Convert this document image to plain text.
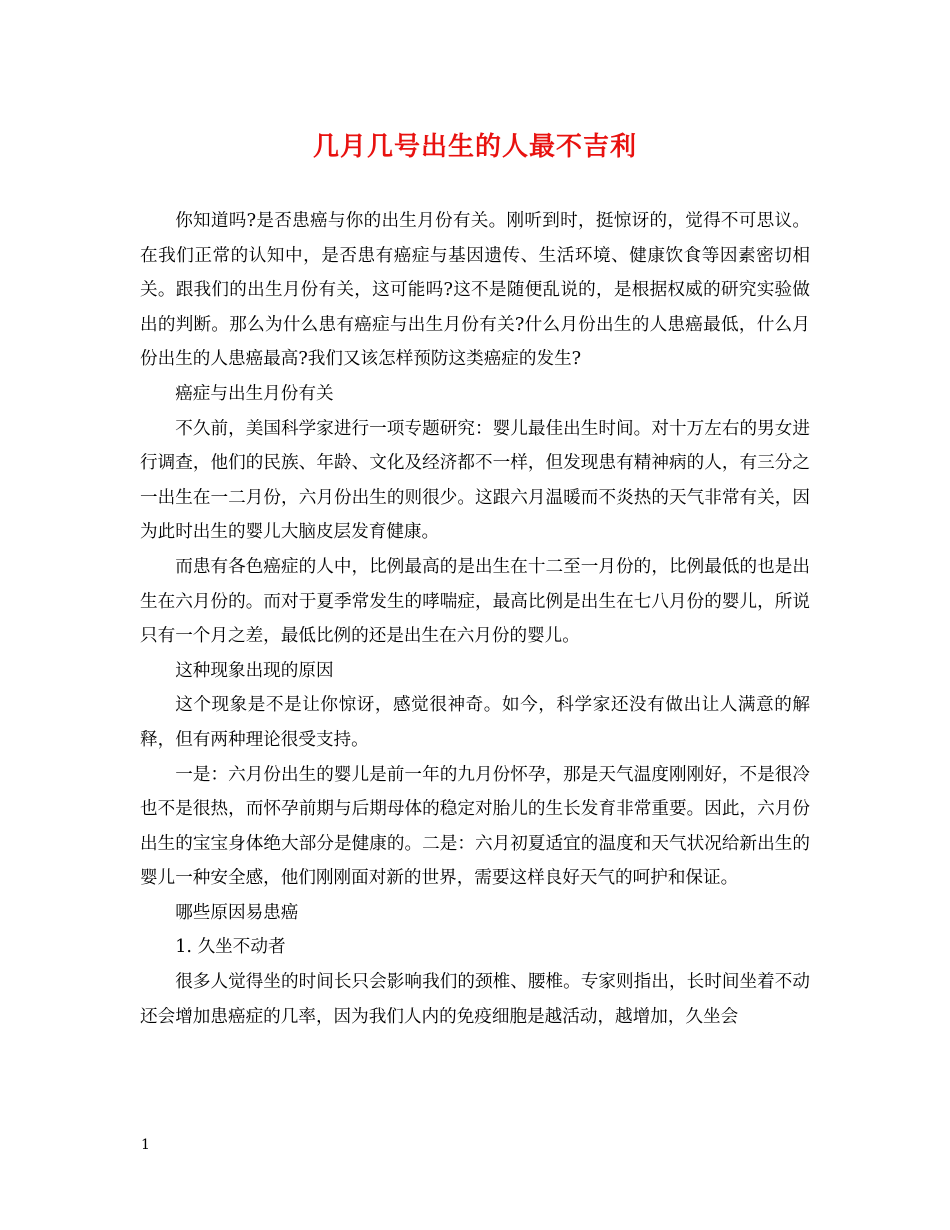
几月几号出生的人最不吉利

你知道吗?是否患癌与你的出生月份有关。刚听到时，挺惊讶的，觉得不可思议。在我们正常的认知中，是否患有癌症与基因遗传、生活环境、健康饮食等因素密切相关。跟我们的出生月份有关，这可能吗?这不是随便乱说的，是根据权威的研究实验做出的判断。那么为什么患有癌症与出生月份有关?什么月份出生的人患癌最低，什么月份出生的人患癌最高?我们又该怎样预防这类癌症的发生?

癌症与出生月份有关

不久前，美国科学家进行一项专题研究：婴儿最佳出生时间。对十万左右的男女进行调查，他们的民族、年龄、文化及经济都不一样，但发现患有精神病的人，有三分之一出生在一二月份，六月份出生的则很少。这跟六月温暖而不炎热的天气非常有关，因为此时出生的婴儿大脑皮层发育健康。

而患有各色癌症的人中，比例最高的是出生在十二至一月份的，比例最低的也是出生在六月份的。而对于夏季常发生的哮喘症，最高比例是出生在七八月份的婴儿，所说只有一个月之差，最低比例的还是出生在六月份的婴儿。

这种现象出现的原因

这个现象是不是让你惊讶，感觉很神奇。如今，科学家还没有做出让人满意的解释，但有两种理论很受支持。

一是：六月份出生的婴儿是前一年的九月份怀孕，那是天气温度刚刚好，不是很冷也不是很热，而怀孕前期与后期母体的稳定对胎儿的生长发育非常重要。因此，六月份出生的宝宝身体绝大部分是健康的。二是：六月初夏适宜的温度和天气状况给新出生的婴儿一种安全感，他们刚刚面对新的世界，需要这样良好天气的呵护和保证。

哪些原因易患癌

1. 久坐不动者

很多人觉得坐的时间长只会影响我们的颈椎、腰椎。专家则指出，长时间坐着不动还会增加患癌症的几率，因为我们人内的免疫细胞是越活动，越增加，久坐会

1
